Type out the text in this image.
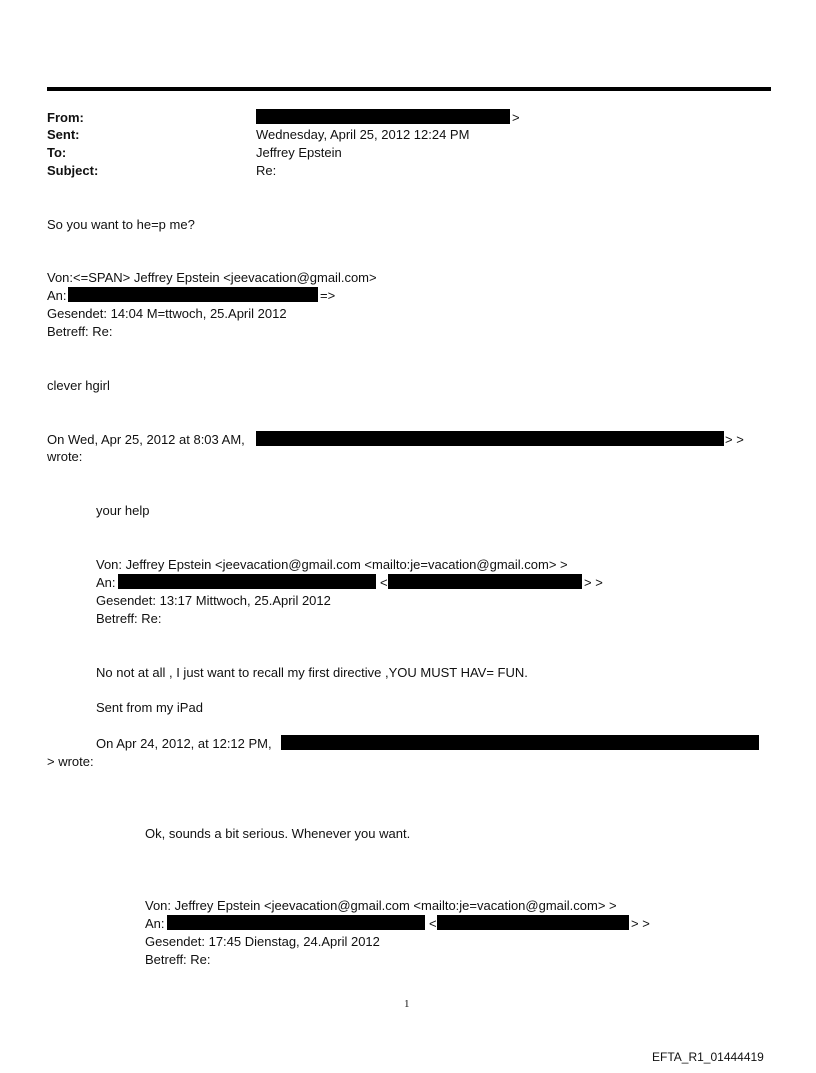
From:	>
Sent:	Wednesday, April 25, 2012 12:24 PM
To:	Jeffrey Epstein
Subject:	Re:
So you want to he=p me?
Von:<=SPAN> Jeffrey Epstein <jeevacation@gmail.com>
An:	=>
Gesendet: 14:04 M=ttwoch, 25.April 2012
Betreff: Re:
clever hgirl
On Wed, Apr 25, 2012 at 8:03 AM,	> >
wrote:
your help
Von: Jeffrey Epstein <jeevacation@gmail.com <mailto:je=vacation@gmail.com> >
An:	<	> >
Gesendet: 13:17 Mittwoch, 25.April 2012
Betreff: Re:
No not at all , I just want to recall my first directive ,YOU MUST HAV= FUN.
Sent from my iPad
On Apr 24, 2012, at 12:12 PM,
> wrote:
Ok, sounds a bit serious. Whenever you want.
Von: Jeffrey Epstein <jeevacation@gmail.com <mailto:je=vacation@gmail.com> >
An:	<	> >
Gesendet: 17:45 Dienstag, 24.April 2012
Betreff: Re:
1
EFTA_R1_01444419
